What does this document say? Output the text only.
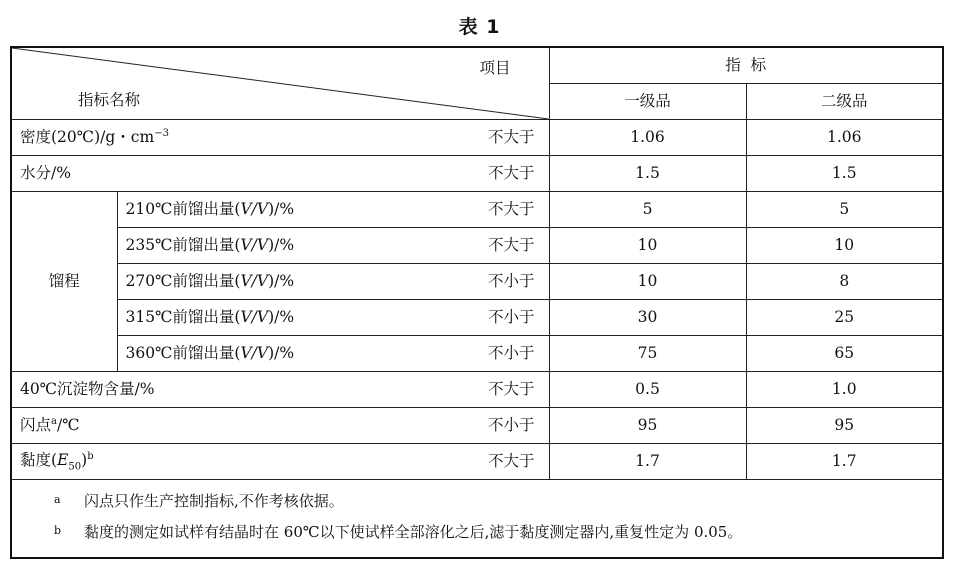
表 1
项目
指标名称		指  标	
		一级品	二级品
密度(20℃)/g・$cm^{-3}$ 不大于		1.06	1.06
水分/% 不大于		1.5	1.5
馏程	210℃前馏出量(V/V)/% 不大于	5	5
	235℃前馏出量(V/V)/% 不大于	10	10
	270℃前馏出量(V/V)/% 不小于	10	8
	315℃前馏出量(V/V)/% 不小于	30	25
	360℃前馏出量(V/V)/% 不小于	75	65
40℃沉淀物含量/% 不大于		0.5	1.0
闪点$^a$/℃ 不小于		95	95
黏度$(E_{50})^b$ 不大于		1.7	1.7

a 闪点只作生产控制指标,不作考核依据。
b 黏度的测定如试样有结晶时在 60℃以下使试样全部溶化之后,滤于黏度测定器内,重复性定为 0.05。			
